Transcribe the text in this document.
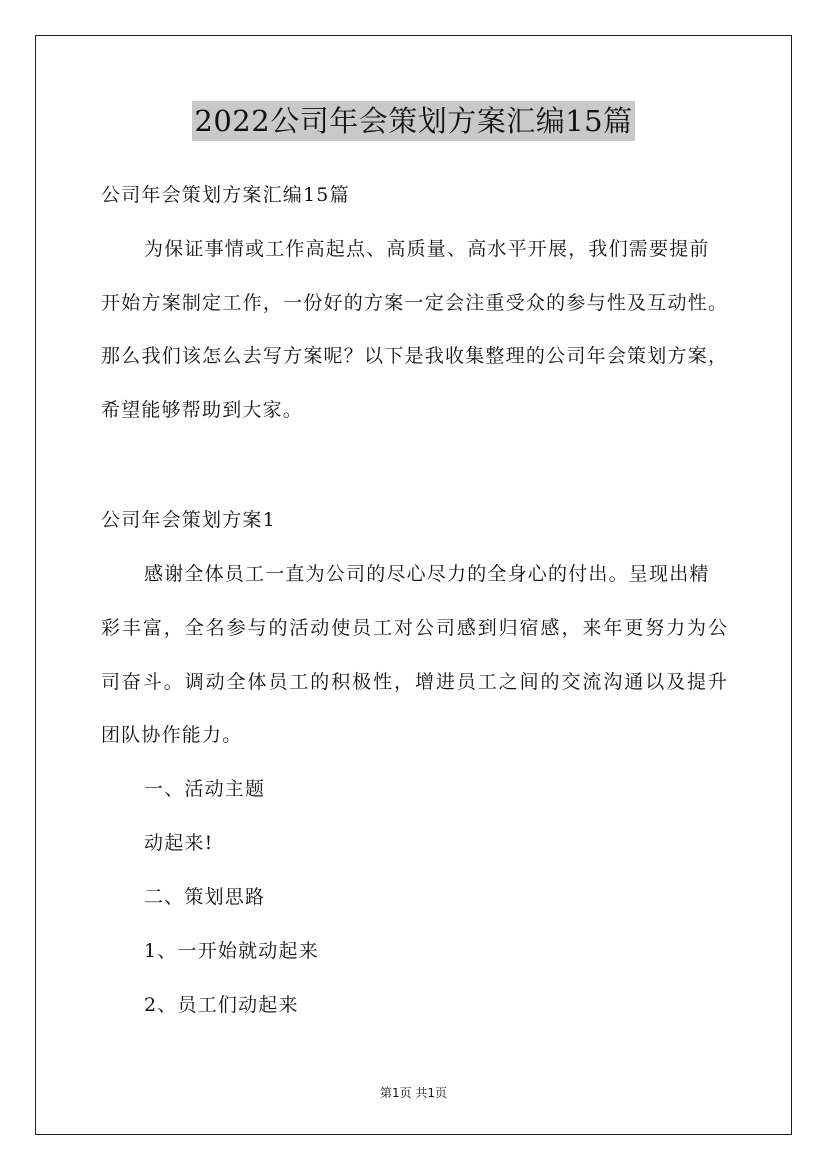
2022公司年会策划方案汇编15篇
公司年会策划方案汇编15篇
为保证事情或工作高起点、高质量、高水平开展，我们需要提前
开始方案制定工作，一份好的方案一定会注重受众的参与性及互动性。
那么我们该怎么去写方案呢？以下是我收集整理的公司年会策划方案，
希望能够帮助到大家。
公司年会策划方案1
感谢全体员工一直为公司的尽心尽力的全身心的付出。呈现出精
彩丰富，全名参与的活动使员工对公司感到归宿感，来年更努力为公
司奋斗。调动全体员工的积极性，增进员工之间的交流沟通以及提升
团队协作能力。
一、活动主题
动起来!
二、策划思路
1、一开始就动起来
2、员工们动起来
第1页 共1页
